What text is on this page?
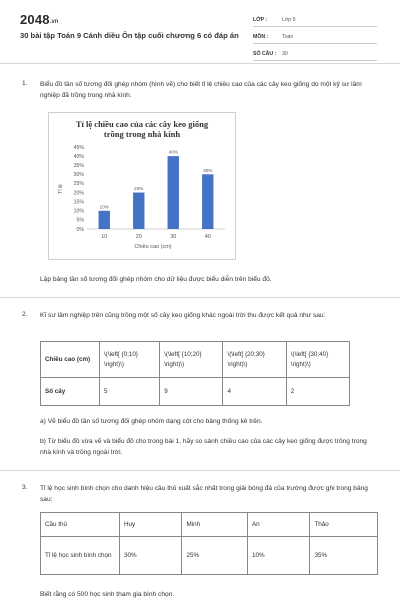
2048.vn
30 bài tập Toán 9 Cánh diều Ôn tập cuối chương 6 có đáp án
LỚP :	Lớp 9
MÔN :	Toán
SỐ CÂU :	30
1. Biểu đồ tần số tương đối ghép nhóm (hình vẽ) cho biết tỉ lệ chiều cao của các cây keo giống do một kỹ sư lâm nghiệp đã trồng trong nhà kính.
Tỉ lệ chiều cao của các cây keo giống
trồng trong nhà kính
Tỉ lệ
Chiều cao (cm)
0%
5%
10%
15%
20%
25%
30%
35%
40%
45%
10%
10
20%
20
40%
30
30%
40
Lập bảng tần số tương đối ghép nhóm cho dữ liệu được biểu diễn trên biểu đồ.
2. Kĩ sư lâm nghiệp trên cũng trồng một số cây keo giống khác ngoài trời thu được kết quả như sau:
Chiều cao (cm)	\(\left[ {0;10} \right)\)	\(\left[ {10;20} \right)\)	\(\left[ {20;30} \right)\)	\(\left[ {30;40} \right)\)
Số cây	5	9	4	2
a) Vẽ biểu đồ tần số tương đối ghép nhóm dạng cột cho bảng thống kê trên.
b) Từ biểu đồ vừa vẽ và biểu đồ cho trong bài 1, hãy so sánh chiều cao của các cây keo giống được trồng trong nhà kính và trồng ngoài trời.
3. Tỉ lệ học sinh bình chọn cho danh hiệu cầu thủ xuất sắc nhất trong giải bóng đá của trường được ghi trong bảng sau:
Cầu thủ	Huy	Minh	An	Thảo
Tỉ lệ học sinh bình chọn	30%	25%	10%	35%
Biết rằng có 500 học sinh tham gia bình chọn.
